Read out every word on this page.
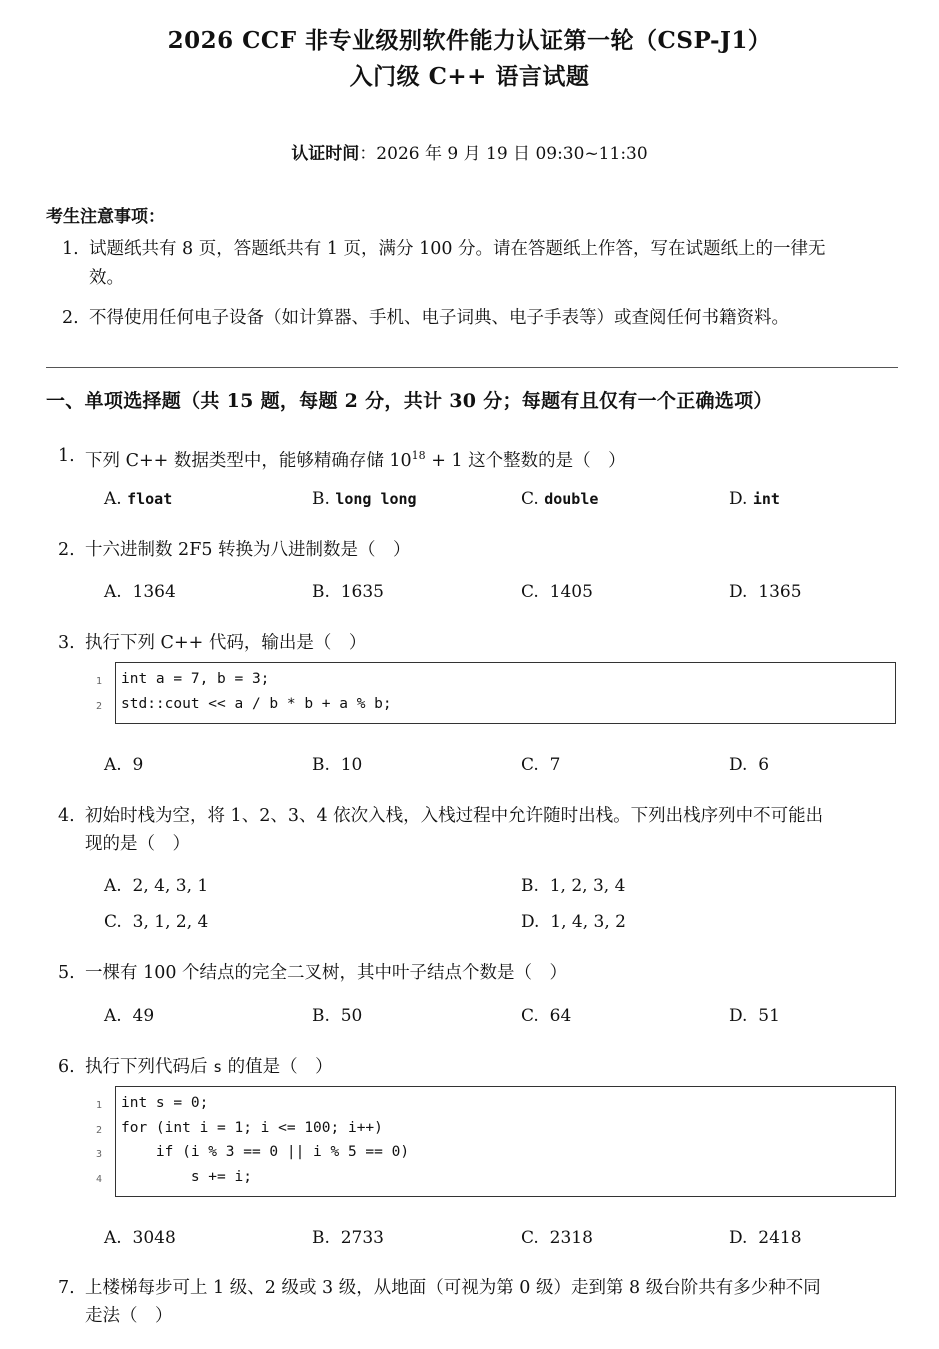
2026 CCF 非专业级别软件能力认证第一轮（CSP-J1）
入门级 C++ 语言试题
认证时间：2026 年 9 月 19 日 09:30~11:30
考生注意事项：
1. 试题纸共有 8 页，答题纸共有 1 页，满分 100 分。请在答题纸上作答，写在试题纸上的一律无
效。
2. 不得使用任何电子设备（如计算器、手机、电子词典、电子手表等）或查阅任何书籍资料。
一、单项选择题（共 15 题，每题 2 分，共计 30 分；每题有且仅有一个正确选项）
1. 下列 C++ 数据类型中，能够精确存储 $10^{18} + 1$ 这个整数的是（　）
A. float	B. long long	C. double	D. int
2. 十六进制数 2F5 转换为八进制数是（　）
A. 1364	B. 1635	C. 1405	D. 1365
3. 执行下列 C++ 代码，输出是（　）
1
2
int a = 7, b = 3;
std::cout << a / b * b + a % b;
A. 9	B. 10	C. 7	D. 6
4. 初始时栈为空，将 1、2、3、4 依次入栈，入栈过程中允许随时出栈。下列出栈序列中不可能出
现的是（　）
A. 2, 4, 3, 1	B. 1, 2, 3, 4
C. 3, 1, 2, 4	D. 1, 4, 3, 2
5. 一棵有 100 个结点的完全二叉树，其中叶子结点个数是（　）
A. 49	B. 50	C. 64	D. 51
6. 执行下列代码后 s 的值是（　）
1
2
3
4
int s = 0;
for (int i = 1; i <= 100; i++)
if (i % 3 == 0 || i % 5 == 0)
s += i;
A. 3048	B. 2733	C. 2318	D. 2418
7. 上楼梯每步可上 1 级、2 级或 3 级，从地面（可视为第 0 级）走到第 8 级台阶共有多少种不同
走法（　）
